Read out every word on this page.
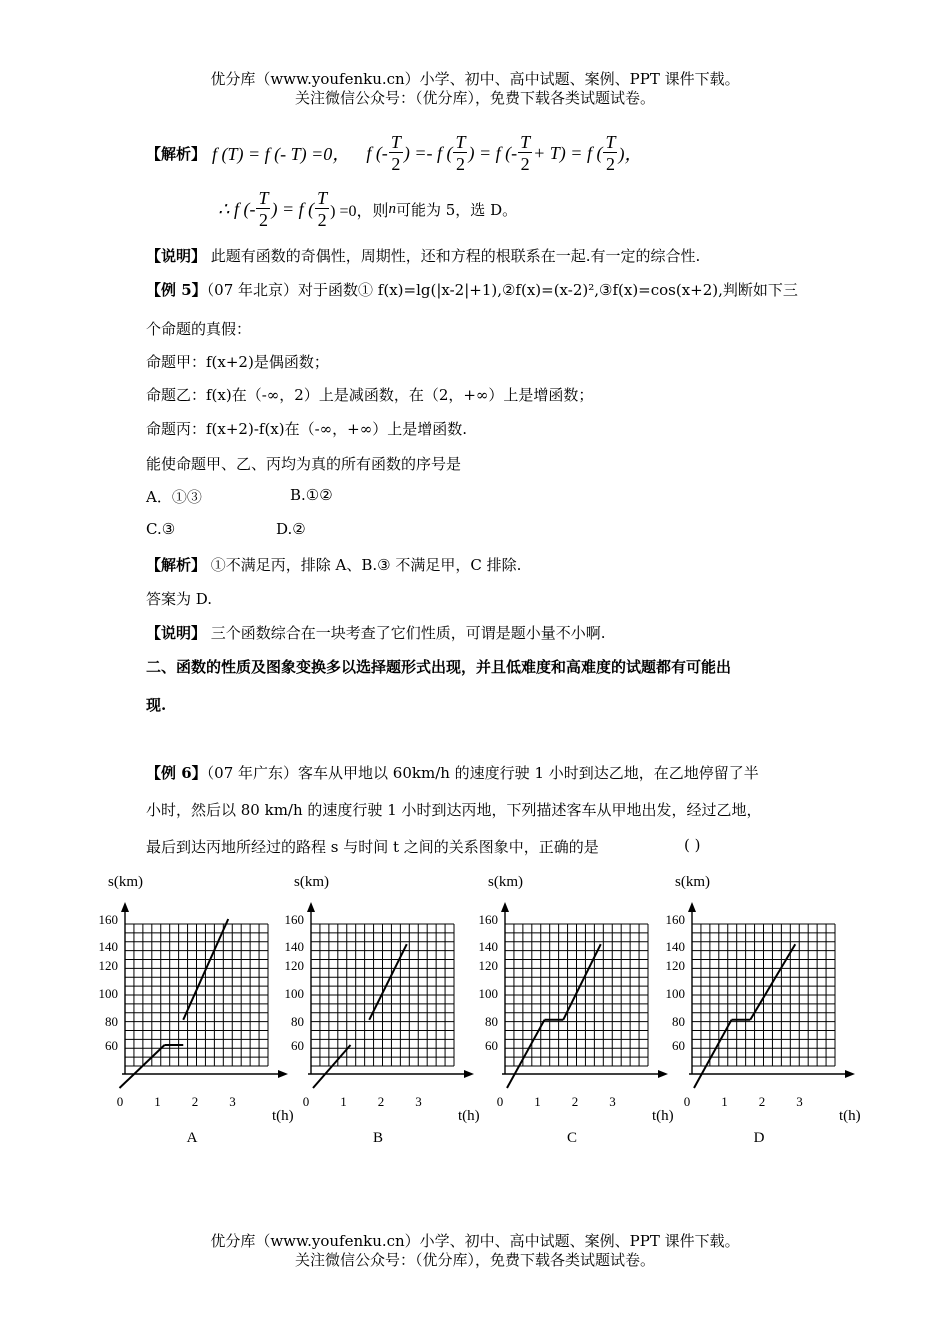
优分库（www.youfenku.cn）小学、初中、高中试题、案例、PPT 课件下载。
关注微信公众号：（优分库），免费下载各类试题试卷。
【解析】 f (T) = f (- T) =0， f (- $\frac{T}{2}$ ) =- f ( $\frac{T}{2}$ ) = f (- $\frac{T}{2} + T) = f$ ( $\frac{T}{2}$ )，
∴ f (- $\frac{T}{2}$ ) = f ( $\frac{T}{2}$ ) =0，则 n 可能为 5，选 D。
【说明】 此题有函数的奇偶性，周期性，还和方程的根联系在一起.有一定的综合性.
【例 5】（07 年北京）对于函数① f(x)=lg(|x-2|+1),②f(x)=(x-2)²,③f(x)=cos(x+2),判断如下三
个命题的真假：
命题甲：f(x+2)是偶函数；
命题乙：f(x)在（-∞，2）上是减函数，在（2，+∞）上是增函数；
命题丙：f(x+2)-f(x)在（-∞，+∞）上是增函数.
能使命题甲、乙、丙均为真的所有函数的序号是
A．①③	B.①②
C.③	D.②
【解析】 ①不满足丙，排除 A、B.③ 不满足甲，C 排除.
答案为 D.
【说明】 三个函数综合在一块考查了它们性质，可谓是题小量不小啊.
二、函数的性质及图象变换多以选择题形式出现，并且低难度和高难度的试题都有可能出
现.
【例 6】（07 年广东）客车从甲地以 60km/h 的速度行驶 1 小时到达乙地，在乙地停留了半
小时，然后以 80 km/h 的速度行驶 1 小时到达丙地，下列描述客车从甲地出发，经过乙地，
最后到达丙地所经过的路程 s 与时间 t 之间的关系图象中，正确的是	( )
s(km)
t(h)
160
140
120
100
80
60
0 1 2 3
A
s(km)
t(h)
160
140
120
100
80
60
0 1 2 3
B
s(km)
t(h)
160
140
120
100
80
60
0 1 2 3
C
s(km)
t(h)
160
140
120
100
80
60
0 1 2 3
D
优分库（www.youfenku.cn）小学、初中、高中试题、案例、PPT 课件下载。
关注微信公众号：（优分库），免费下载各类试题试卷。
